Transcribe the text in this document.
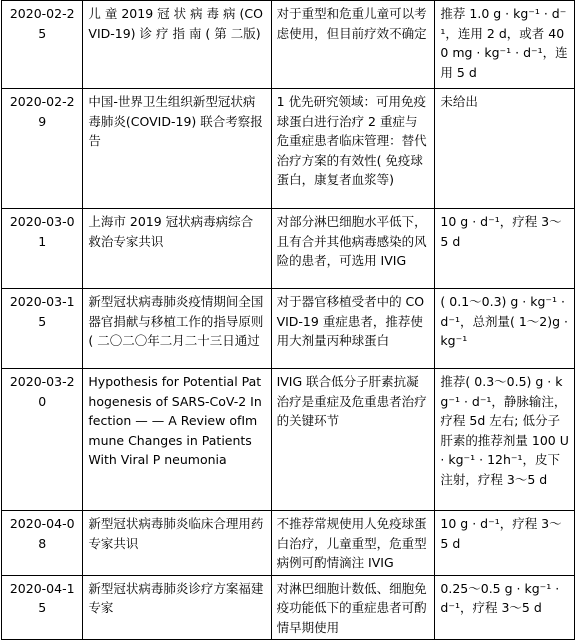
2020-02-25	儿 童 2019 冠 状 病 毒 病 (COVID-19) 诊 疗 指 南 ( 第 二版)	对于重型和危重儿童可以考虑使用，但目前疗效不确定	推荐 1.0 g · kg⁻¹ · d⁻¹，连用 2 d，或者 400 mg · kg⁻¹ · d⁻¹，连用 5 d
2020-02-29	中国-世界卫生组织新型冠状病毒肺炎(COVID-19) 联合考察报告	1 优先研究领域：可用免疫球蛋白进行治疗 2 重症与危重症患者临床管理：替代治疗方案的有效性( 免疫球蛋白，康复者血浆等)	未给出
2020-03-01	上海市 2019 冠状病毒病综合救治专家共识	对部分淋巴细胞水平低下，且有合并其他病毒感染的风险的患者，可选用 IVIG	10 g · d⁻¹，疗程 3～5 d
2020-03-15	新型冠状病毒肺炎疫情期间全国器官捐献与移植工作的指导原则( 二〇二〇年二月二十三日通过	对于器官移植受者中的 COVID-19 重症患者，推荐使用大剂量丙种球蛋白	( 0.1～0.3) g · kg⁻¹ · d⁻¹，总剂量( 1～2)g · kg⁻¹
2020-03-20	Hypothesis for Potential Pathogenesis of SARS-CoV-2 Infection — — A Review ofImmune Changes in Patients With Viral P neumonia	IVIG 联合低分子肝素抗凝治疗是重症及危重患者治疗的关键环节	推荐( 0.3～0.5) g · kg⁻¹ · d⁻¹，静脉输注，疗程 5d 左右; 低分子肝素的推荐剂量 100 U · kg⁻¹ · 12h⁻¹，皮下注射，疗程 3～5 d
2020-04-08	新型冠状病毒肺炎临床合理用药专家共识	不推荐常规使用人免疫球蛋白治疗，儿童重型，危重型病例可酌情滴注 IVIG	10 g · d⁻¹，疗程 3～5 d
2020-04-15	新型冠状病毒肺炎诊疗方案福建专家	对淋巴细胞计数低、细胞免疫功能低下的重症患者可酌情早期使用	0.25～0.5 g · kg⁻¹ · d⁻¹，疗程 3～5 d
